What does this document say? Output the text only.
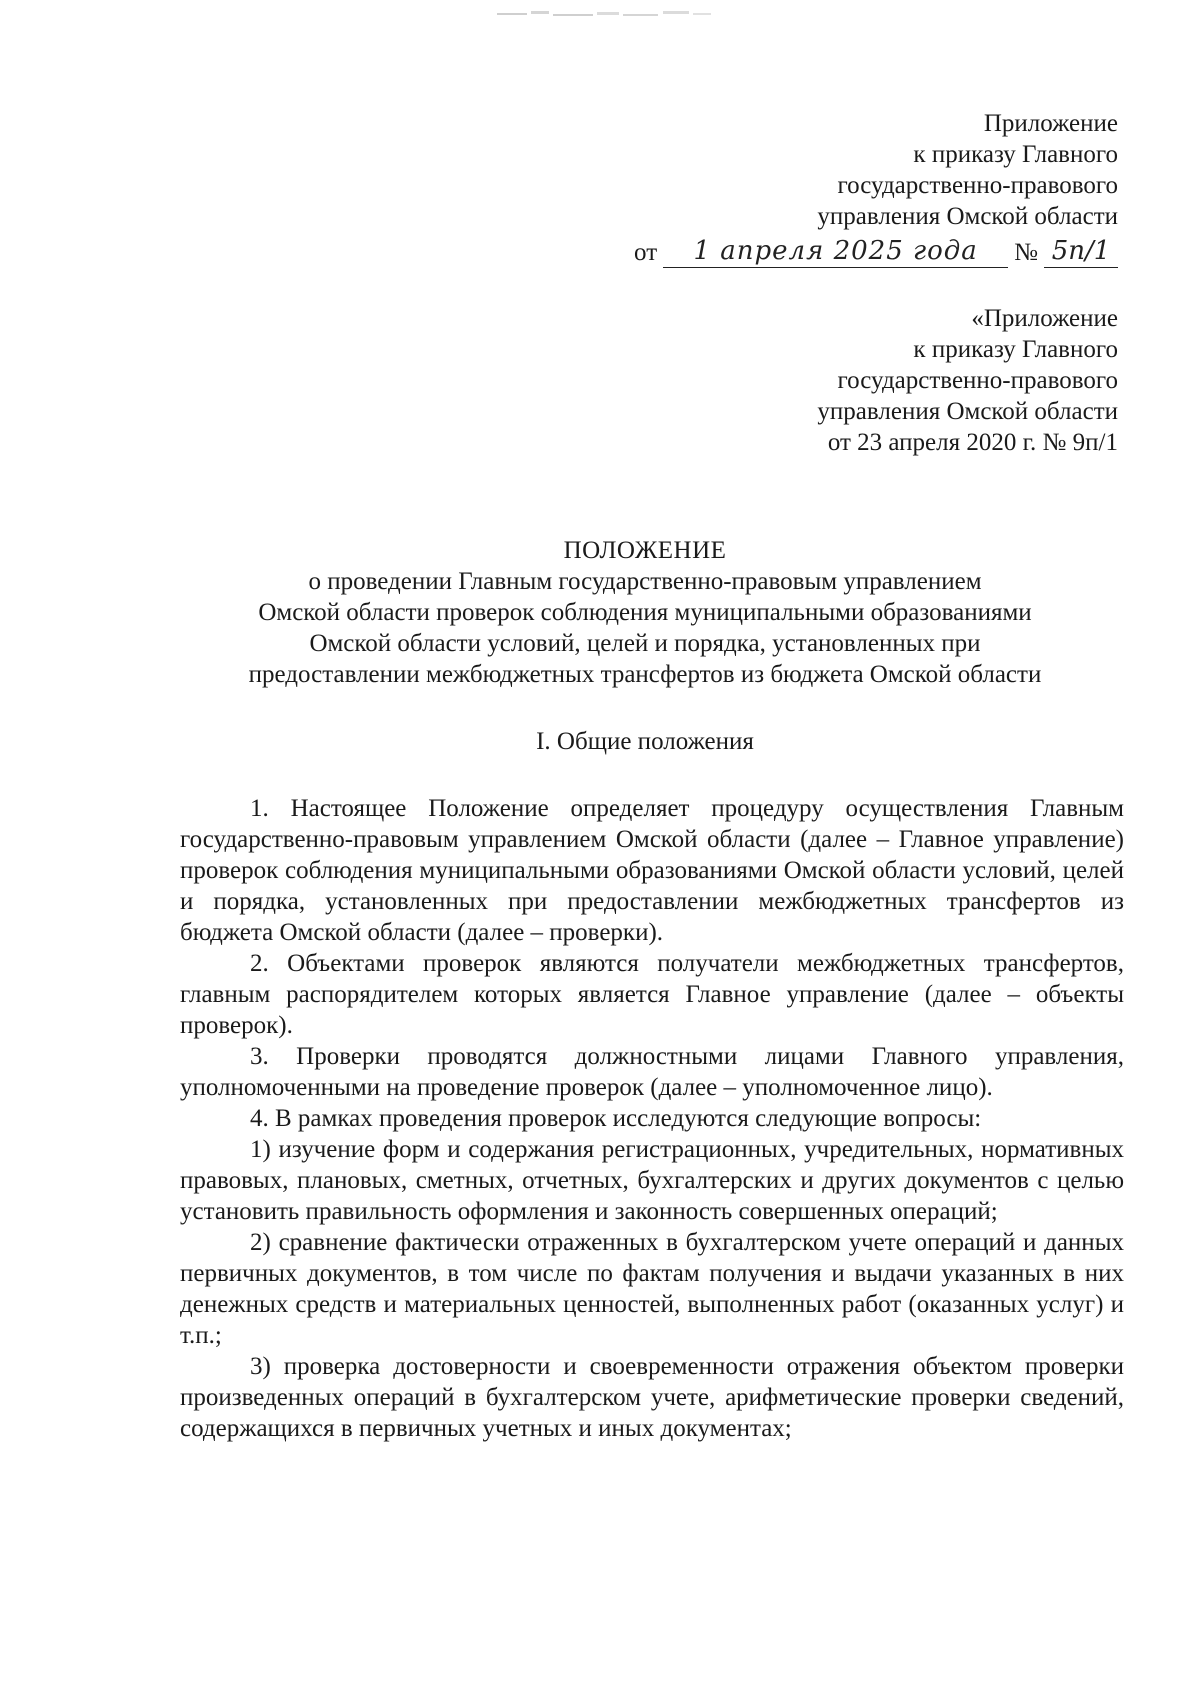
Приложение
к приказу Главного
государственно-правового
управления Омской области
от	1 апреля 2025 года	№ 5п/1
«Приложение
к приказу Главного
государственно-правового
управления Омской области
от 23 апреля 2020 г. № 9п/1
ПОЛОЖЕНИЕ
о проведении Главным государственно-правовым управлением
Омской области проверок соблюдения муниципальными образованиями
Омской области условий, целей и порядка, установленных при
предоставлении межбюджетных трансфертов из бюджета Омской области
I. Общие положения

1. Настоящее Положение определяет процедуру осуществления Главным государственно-правовым управлением Омской области (далее – Главное управление) проверок соблюдения муниципальными образованиями Омской области условий, целей и порядка, установленных при предоставлении межбюджетных трансфертов из бюджета Омской области (далее – проверки).

2. Объектами проверок являются получатели межбюджетных трансфертов, главным распорядителем которых является Главное управление (далее – объекты проверок).

3. Проверки проводятся должностными лицами Главного управления, уполномоченными на проведение проверок (далее – уполномоченное лицо).

4. В рамках проведения проверок исследуются следующие вопросы:

1) изучение форм и содержания регистрационных, учредительных, нормативных правовых, плановых, сметных, отчетных, бухгалтерских и других документов с целью установить правильность оформления и законность совершенных операций;

2) сравнение фактически отраженных в бухгалтерском учете операций и данных первичных документов, в том числе по фактам получения и выдачи указанных в них денежных средств и материальных ценностей, выполненных работ (оказанных услуг) и т.п.;

3) проверка достоверности и своевременности отражения объектом проверки произведенных операций в бухгалтерском учете, арифметические проверки сведений, содержащихся в первичных учетных и иных документах;
